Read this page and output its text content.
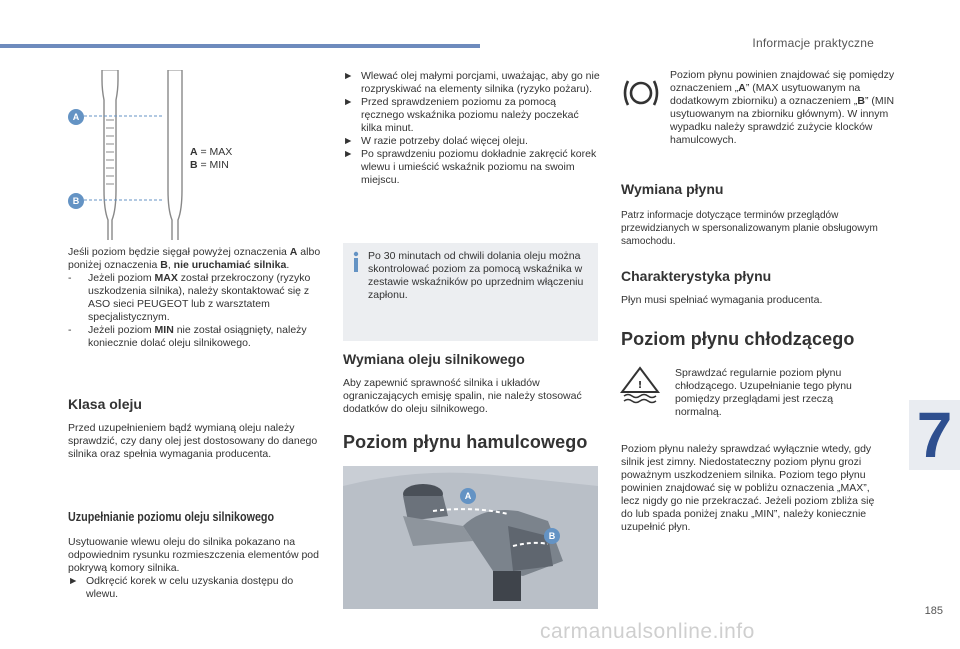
Informacje praktyczne
7
A
B

A = MAX

B = MIN

Jeśli poziom będzie sięgał powyżej oznaczenia A albo poniżej oznaczenia B, nie uruchamiać silnika.

- Jeżeli poziom MAX został przekroczony (ryzyko uszkodzenia silnika), należy skontaktować się z ASO sieci PEUGEOT lub z warsztatem specjalistycznym.

- Jeżeli poziom MIN nie został osiągnięty, należy koniecznie dolać oleju silnikowego.

Klasa oleju
Przed uzupełnieniem bądź wymianą oleju należy sprawdzić, czy dany olej jest dostosowany do danego silnika oraz spełnia wymagania producenta.
Uzupełnianie poziomu oleju silnikowego

Usytuowanie wlewu oleju do silnika pokazano na odpowiednim rysunku rozmieszczenia elementów pod pokrywą komory silnika.

► Odkręcić korek w celu uzyskania dostępu do wlewu.

► Wlewać olej małymi porcjami, uważając, aby go nie rozpryskiwać na elementy silnika (ryzyko pożaru).

► Przed sprawdzeniem poziomu za pomocą ręcznego wskaźnika poziomu należy poczekać kilka minut.

► W razie potrzeby dolać więcej oleju.

► Po sprawdzeniu poziomu dokładnie zakręcić korek wlewu i umieścić wskaźnik poziomu na swoim miejscu.

Po 30 minutach od chwili dolania oleju można skontrolować poziom za pomocą wskaźnika w zestawie wskaźników po uprzednim włączeniu zapłonu.
Wymiana oleju silnikowego
Aby zapewnić sprawność silnika i układów ograniczających emisję spalin, nie należy stosować dodatków do oleju silnikowego.
Poziom płynu hamulcowego
A
B

Poziom płynu powinien znajdować się pomiędzy oznaczeniem „A” (MAX usytuowanym na dodatkowym zbiorniku) a oznaczeniem „B” (MIN usytuowanym na zbiorniku głównym). W innym wypadku należy sprawdzić zużycie klocków hamulcowych.

Wymiana płynu
Patrz informacje dotyczące terminów przeglądów przewidzianych w spersonalizowanym planie obsługowym samochodu.
Charakterystyka płynu
Płyn musi spełniać wymagania producenta.
Poziom płynu chłodzącego
!
Sprawdzać regularnie poziom płynu chłodzącego. Uzupełnianie tego płynu pomiędzy przeglądami jest rzeczą normalną.
Poziom płynu należy sprawdzać wyłącznie wtedy, gdy silnik jest zimny. Niedostateczny poziom płynu grozi poważnym uszkodzeniem silnika. Poziom tego płynu powinien znajdować się w pobliżu oznaczenia „MAX”, lecz nigdy go nie przekraczać. Jeżeli poziom zbliża się do lub spada poniżej znaku „MIN”, należy koniecznie uzupełnić płyn.
185
carmanualsonline.info
